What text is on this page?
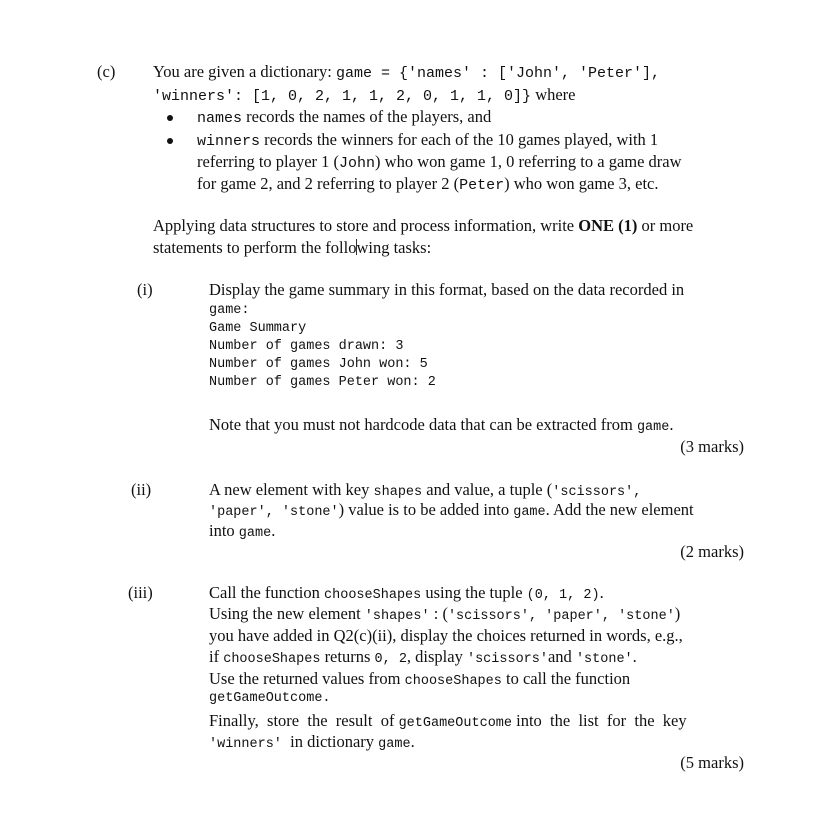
(c) You are given a dictionary: game = {'names' : ['John', 'Peter'],
'winners': [1, 0, 2, 1, 1, 2, 0, 1, 1, 0]} where
names records the names of the players, and
winners records the winners for each of the 10 games played, with 1
referring to player 1 (John) who won game 1, 0 referring to a game draw
for game 2, and 2 referring to player 2 (Peter) who won game 3, etc.
Applying data structures to store and process information, write ONE (1) or more
statements to perform the following tasks:
(i)	Display the game summary in this format, based on the data recorded in
game:
Game Summary
Number of games drawn: 3
Number of games John won: 5
Number of games Peter won: 2
Note that you must not hardcode data that can be extracted from game.
(3 marks)
(ii)	A new element with key shapes and value, a tuple ('scissors',
'paper', 'stone') value is to be added into game. Add the new element
into game.
(2 marks)
(iii)	Call the function chooseShapes using the tuple (0, 1, 2).
Using the new element 'shapes' : ('scissors', 'paper', 'stone')
you have added in Q2(c)(ii), display the choices returned in words, e.g.,
if chooseShapes returns 0, 2, display 'scissors'and 'stone'.
Use the returned values from chooseShapes to call the function
getGameOutcome.
Finally,  store  the  result  of getGameOutcome into  the  list  for  the  key
'winners'  in dictionary game.
(5 marks)
